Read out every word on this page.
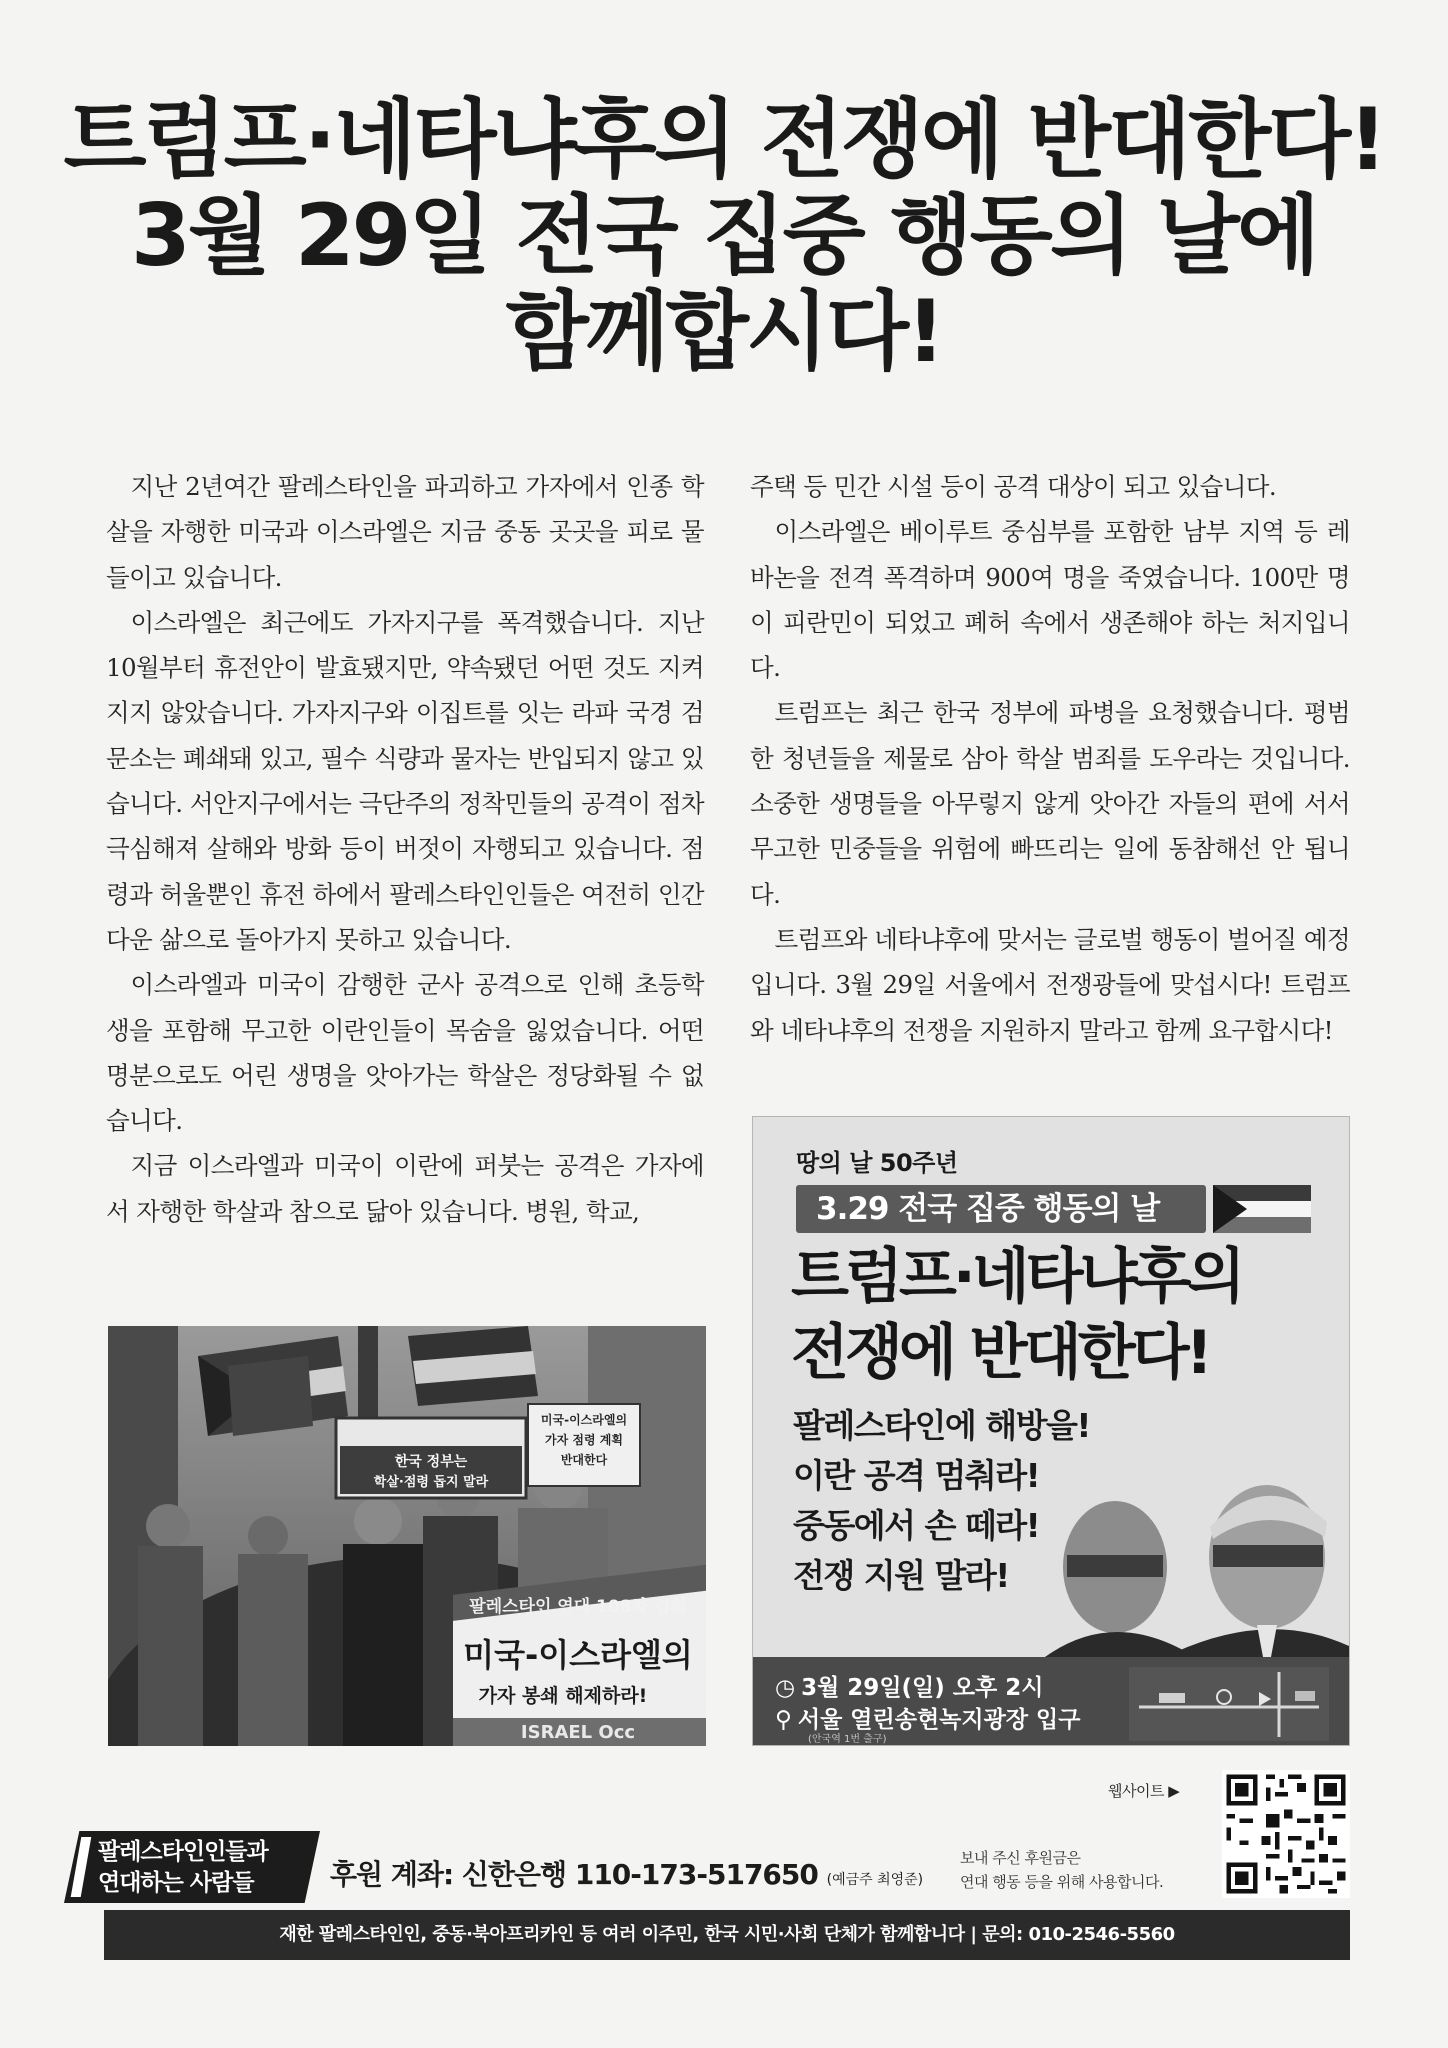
트럼프·네타냐후의 전쟁에 반대한다!
3월 29일 전국 집중 행동의 날에
함께합시다!

지난 2년여간 팔레스타인을 파괴하고 가자에서 인종 학살을 자행한 미국과 이스라엘은 지금 중동 곳곳을 피로 물들이고 있습니다.

이스라엘은 최근에도 가자지구를 폭격했습니다. 지난 10월부터 휴전안이 발효됐지만, 약속됐던 어떤 것도 지켜지지 않았습니다. 가자지구와 이집트를 잇는 라파 국경 검문소는 폐쇄돼 있고, 필수 식량과 물자는 반입되지 않고 있습니다. 서안지구에서는 극단주의 정착민들의 공격이 점차 극심해져 살해와 방화 등이 버젓이 자행되고 있습니다. 점령과 허울뿐인 휴전 하에서 팔레스타인인들은 여전히 인간다운 삶으로 돌아가지 못하고 있습니다.

이스라엘과 미국이 감행한 군사 공격으로 인해 초등학생을 포함해 무고한 이란인들이 목숨을 잃었습니다. 어떤 명분으로도 어린 생명을 앗아가는 학살은 정당화될 수 없습니다.

지금 이스라엘과 미국이 이란에 퍼붓는 공격은 가자에서 자행한 학살과 참으로 닮아 있습니다. 병원, 학교,

주택 등 민간 시설 등이 공격 대상이 되고 있습니다.

이스라엘은 베이루트 중심부를 포함한 남부 지역 등 레바논을 전격 폭격하며 900여 명을 죽였습니다. 100만 명이 피란민이 되었고 폐허 속에서 생존해야 하는 처지입니다.

트럼프는 최근 한국 정부에 파병을 요청했습니다. 평범한 청년들을 제물로 삼아 학살 범죄를 도우라는 것입니다. 소중한 생명들을 아무렇지 않게 앗아간 자들의 편에 서서 무고한 민중들을 위험에 빠뜨리는 일에 동참해선 안 됩니다.

트럼프와 네타냐후에 맞서는 글로벌 행동이 벌어질 예정입니다. 3월 29일 서울에서 전쟁광들에 맞섭시다! 트럼프와 네타냐후의 전쟁을 지원하지 말라고 함께 요구합시다!

한국 정부는
학살·점령 돕지 말라
미국-이스라엘의
가자 점령 계획
반대한다
팔레스타인 연대 108차 집회
미국-이스라엘의
가자 봉쇄 해제하라!
ISRAEL Occ
땅의 날 50주년
3.29 전국 집중 행동의 날
트럼프·네타냐후의
전쟁에 반대한다!
팔레스타인에 해방을!
이란 공격 멈춰라!
중동에서 손 떼라!
전쟁 지원 말라!
◷ 3월 29일(일) 오후 2시
⚲ 서울 열린송현녹지광장 입구
(안국역 1번 출구)
웹사이트 ▶
팔레스타인인들과
연대하는 사람들	후원 계좌: 신한은행 110-173-517650 (예금주 최영준)
보내 주신 후원금은
연대 행동 등을 위해 사용합니다.
재한 팔레스타인인, 중동·북아프리카인 등 여러 이주민, 한국 시민·사회 단체가 함께합니다 | 문의: 010-2546-5560
